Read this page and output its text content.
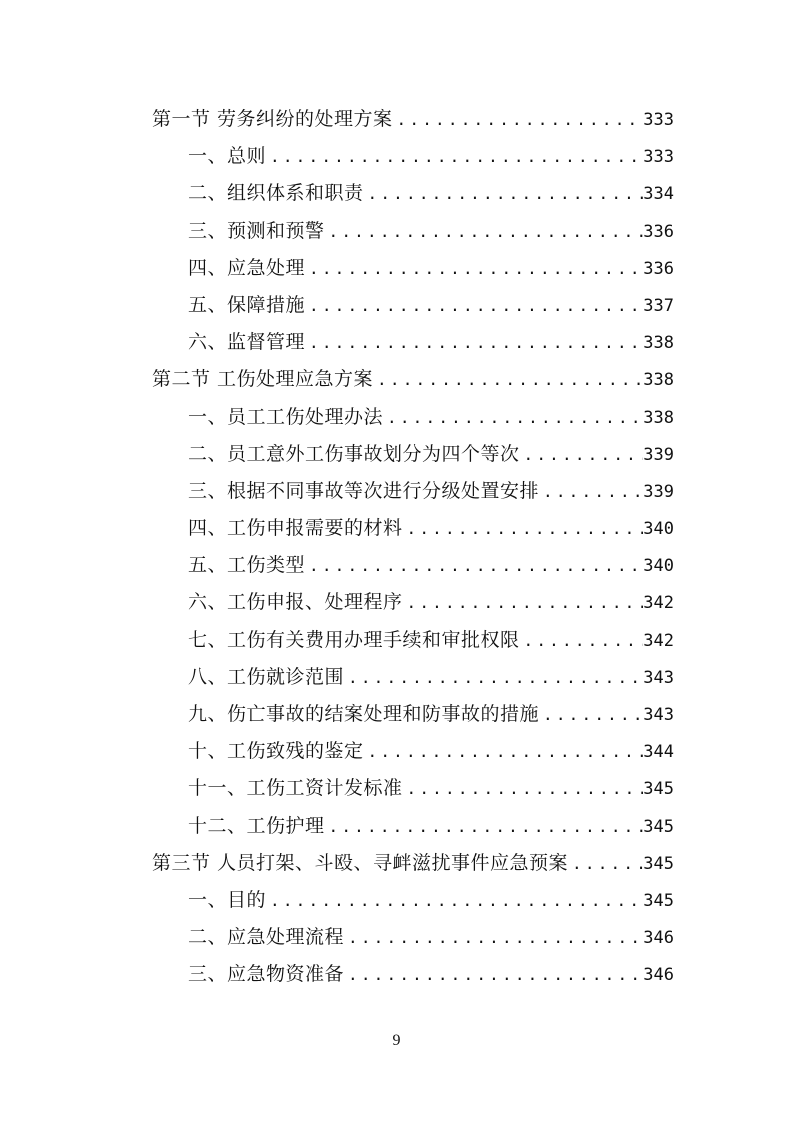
第一节 劳务纠纷的处理方案 .....	333
一、总则 .....	333
二、组织体系和职责 .....	334
三、预测和预警 .....	336
四、应急处理 .....	336
五、保障措施 .....	337
六、监督管理 .....	338
第二节 工伤处理应急方案 .....	338
一、员工工伤处理办法 .....	338
二、员工意外工伤事故划分为四个等次 .....	339
三、根据不同事故等次进行分级处置安排 .....	339
四、工伤申报需要的材料 .....	340
五、工伤类型 .....	340
六、工伤申报、处理程序 .....	342
七、工伤有关费用办理手续和审批权限 .....	342
八、工伤就诊范围 .....	343
九、伤亡事故的结案处理和防事故的措施 .....	343
十、工伤致残的鉴定 .....	344
十一、工伤工资计发标准 .....	345
十二、工伤护理 .....	345
第三节 人员打架、斗殴、寻衅滋扰事件应急预案 .....	345
一、目的 .....	345
二、应急处理流程 .....	346
三、应急物资准备 .....	346
9
